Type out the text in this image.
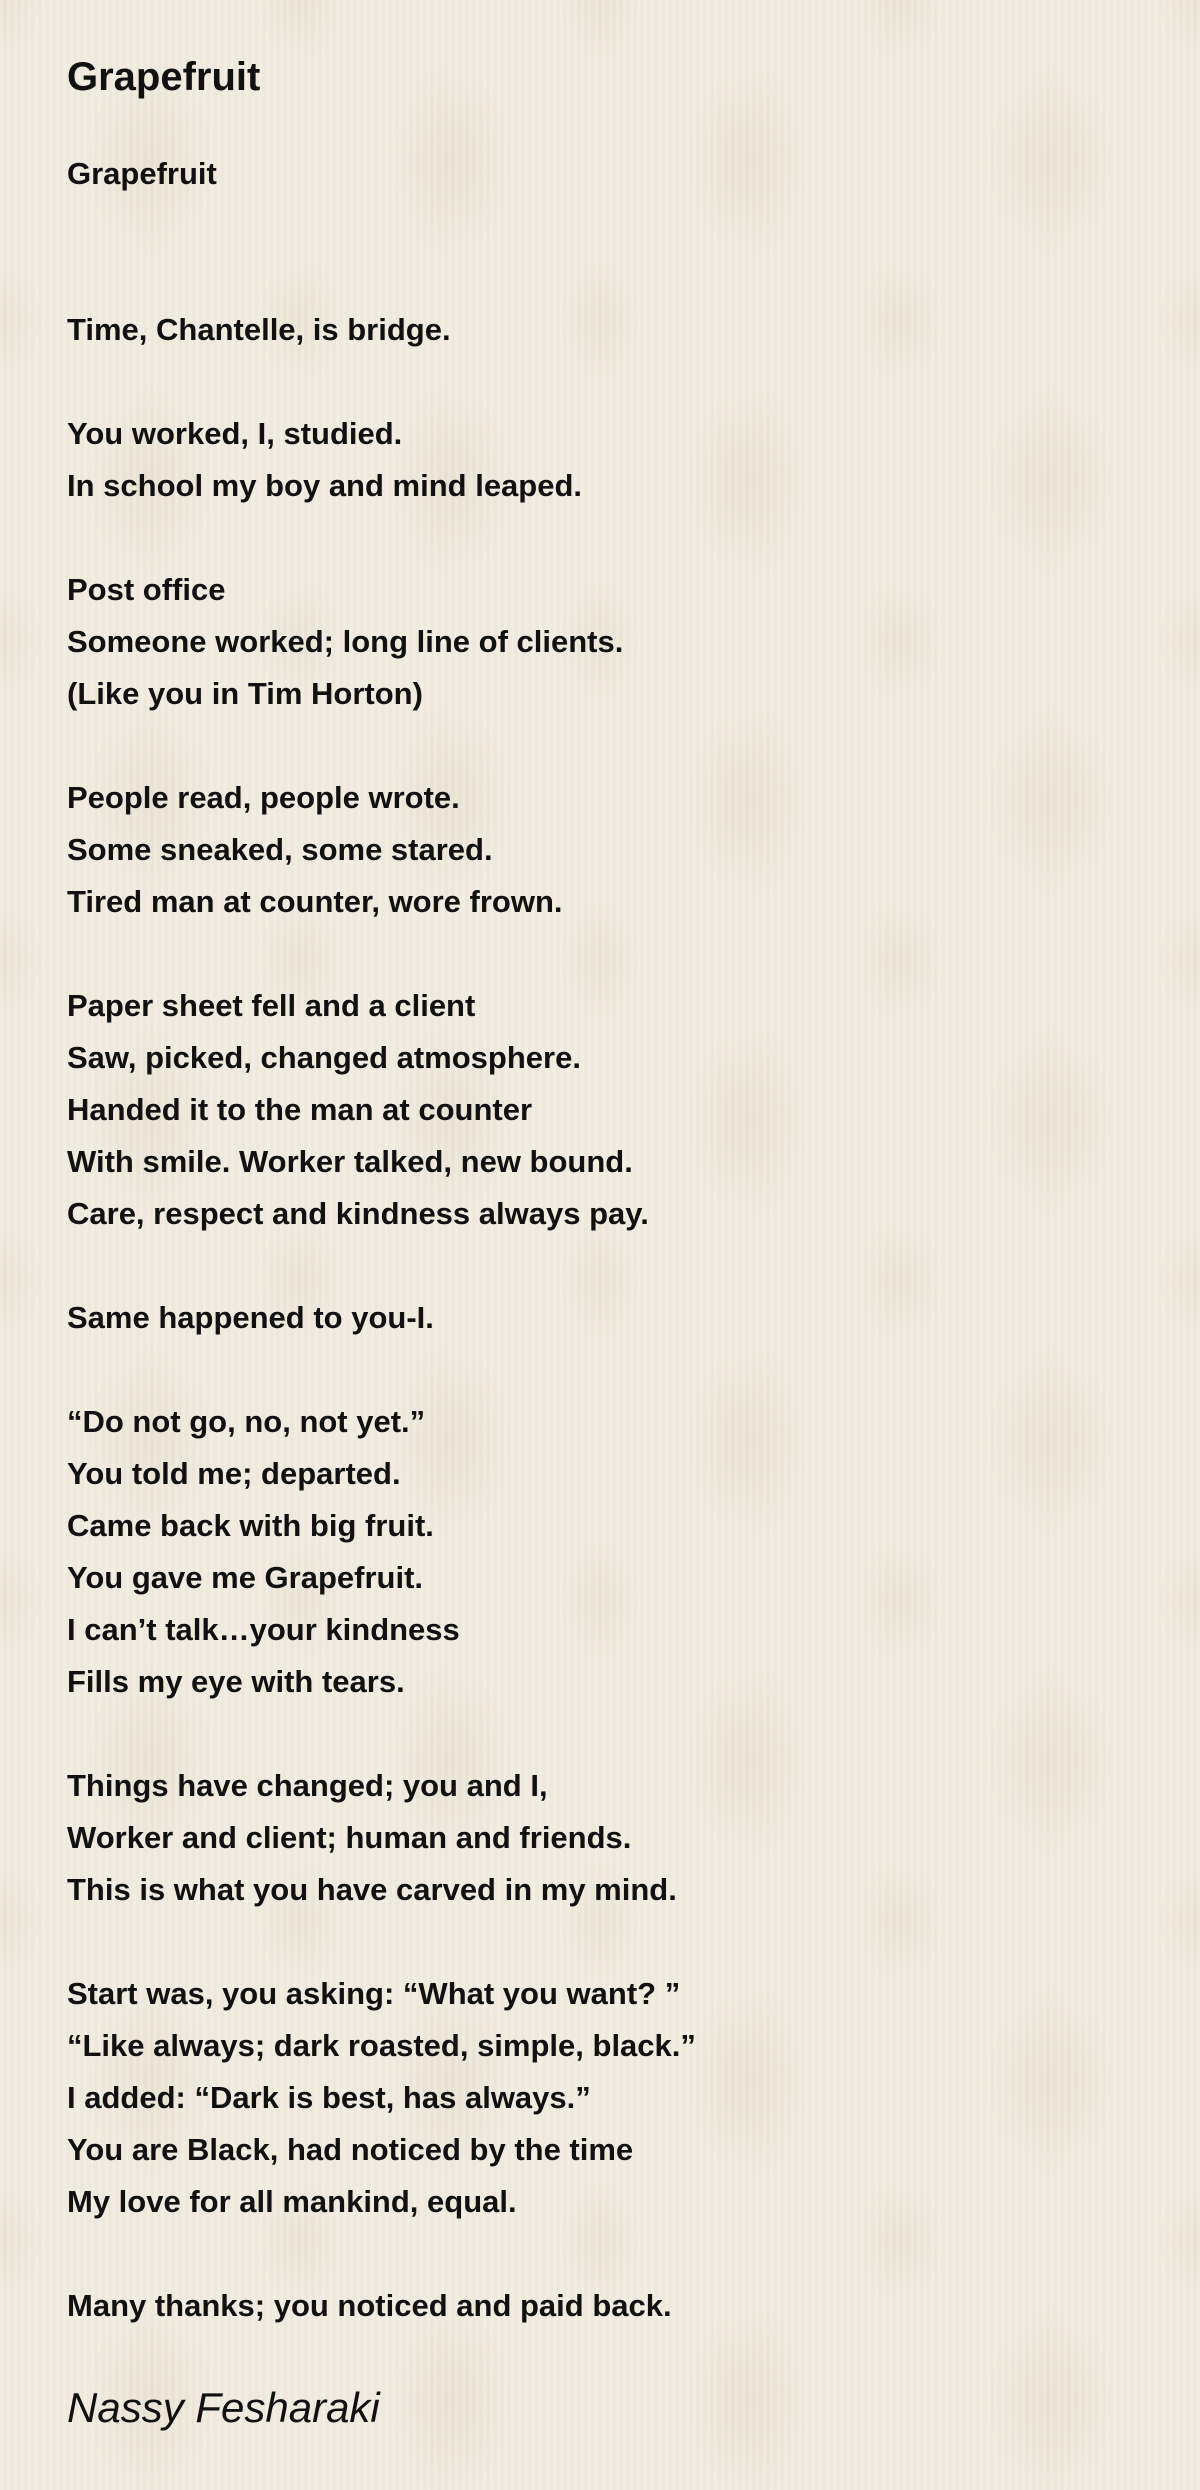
Grapefruit
Grapefruit
Time, Chantelle, is bridge.
You worked, I, studied.
In school my boy and mind leaped.
Post office
Someone worked; long line of clients.
(Like you in Tim Horton)
People read, people wrote.
Some sneaked, some stared.
Tired man at counter, wore frown.
Paper sheet fell and a client
Saw, picked, changed atmosphere.
Handed it to the man at counter
With smile. Worker talked, new bound.
Care, respect and kindness always pay.
Same happened to you-I.
“Do not go, no, not yet.”
You told me; departed.
Came back with big fruit.
You gave me Grapefruit.
I can’t talk…your kindness
Fills my eye with tears.
Things have changed; you and I,
Worker and client; human and friends.
This is what you have carved in my mind.
Start was, you asking: “What you want? ”
“Like always; dark roasted, simple, black.”
I added: “Dark is best, has always.”
You are Black, had noticed by the time
My love for all mankind, equal.
Many thanks; you noticed and paid back.
Nassy Fesharaki
